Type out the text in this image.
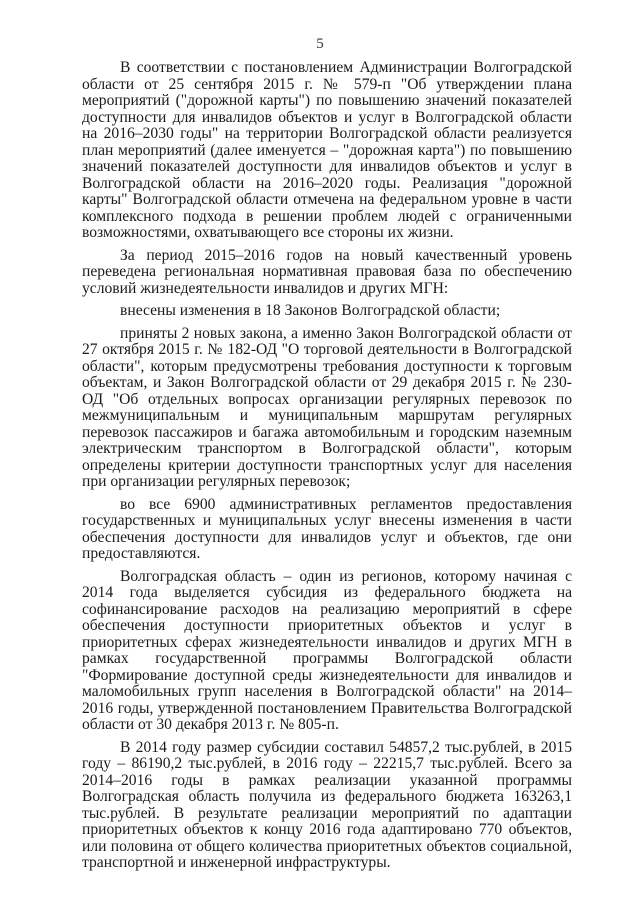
5

В соответствии с постановлением Администрации Волгоградской области от 25 сентября 2015 г. № 579-п "Об утверждении плана мероприятий ("дорожной карты") по повышению значений показателей доступности для инвалидов объектов и услуг в Волгоградской области на 2016–2030 годы" на территории Волгоградской области реализуется план мероприятий (далее именуется – "дорожная карта") по повышению значений показателей доступности для инвалидов объектов и услуг в Волгоградской области на 2016–2020 годы. Реализация "дорожной карты" Волгоградской области отмечена на федеральном уровне в части комплексного подхода в решении проблем людей с ограниченными возможностями, охватывающего все стороны их жизни.

За период 2015–2016 годов на новый качественный уровень переведена региональная нормативная правовая база по обеспечению условий жизнедеятельности инвалидов и других МГН:

внесены изменения в 18 Законов Волгоградской области;

приняты 2 новых закона, а именно Закон Волгоградской области от 27 октября 2015 г. № 182-ОД "О торговой деятельности в Волгоградской области", которым предусмотрены требования доступности к торговым объектам, и Закон Волгоградской области от 29 декабря 2015 г. № 230-ОД "Об отдельных вопросах организации регулярных перевозок по межмуниципальным и муниципальным маршрутам регулярных перевозок пассажиров и багажа автомобильным и городским наземным электрическим транспортом в Волгоградской области", которым определены критерии доступности транспортных услуг для населения при организации регулярных перевозок;

во все 6900 административных регламентов предоставления государственных и муниципальных услуг внесены изменения в части обеспечения доступности для инвалидов услуг и объектов, где они предоставляются.

Волгоградская область – один из регионов, которому начиная с 2014 года выделяется субсидия из федерального бюджета на софинансирование расходов на реализацию мероприятий в сфере обеспечения доступности приоритетных объектов и услуг в приоритетных сферах жизнедеятельности инвалидов и других МГН в рамках государственной программы Волгоградской области "Формирование доступной среды жизнедеятельности для инвалидов и маломобильных групп населения в Волгоградской области" на 2014–2016 годы, утвержденной постановлением Правительства Волгоградской области от 30 декабря 2013 г. № 805-п.

В 2014 году размер субсидии составил 54857,2 тыс.рублей, в 2015 году – 86190,2 тыс.рублей, в 2016 году – 22215,7 тыс.рублей. Всего за 2014–2016 годы в рамках реализации указанной программы Волгоградская область получила из федерального бюджета 163263,1 тыс.рублей. В результате реализации мероприятий по адаптации приоритетных объектов к концу 2016 года адаптировано 770 объектов, или половина от общего количества приоритетных объектов социальной, транспортной и инженерной инфраструктуры.
